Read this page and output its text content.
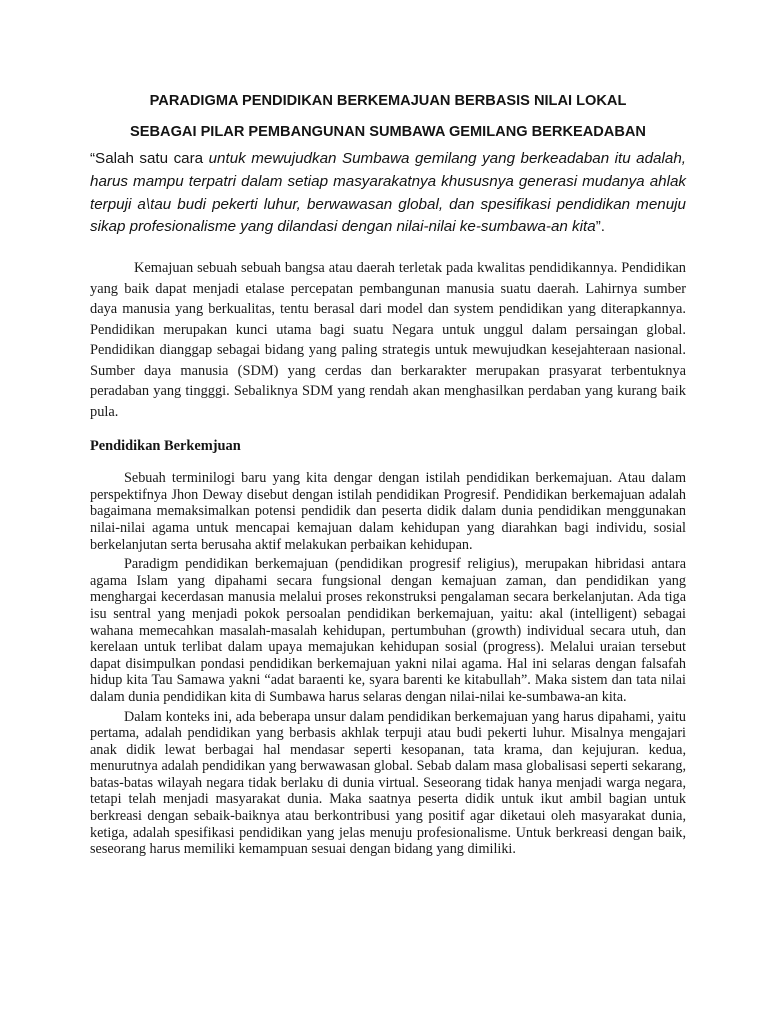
PARADIGMA PENDIDIKAN BERKEMAJUAN BERBASIS NILAI LOKAL
SEBAGAI PILAR PEMBANGUNAN SUMBAWA GEMILANG BERKEADABAN

“Salah satu cara untuk mewujudkan Sumbawa gemilang yang berkeadaban itu adalah, harus mampu terpatri dalam setiap masyarakatnya khususnya generasi mudanya ahlak terpuji a\tau budi pekerti luhur, berwawasan global, dan spesifikasi pendidikan menuju sikap profesionalisme yang dilandasi dengan nilai-nilai ke-sumbawa-an kita”.

Kemajuan sebuah sebuah bangsa atau daerah terletak pada kwalitas pendidikannya. Pendidikan yang baik dapat menjadi etalase percepatan pembangunan manusia suatu daerah. Lahirnya sumber daya manusia yang berkualitas, tentu berasal dari model dan system pendidikan yang diterapkannya. Pendidikan merupakan kunci utama bagi suatu Negara untuk unggul dalam persaingan global. Pendidikan dianggap sebagai bidang yang paling strategis untuk mewujudkan kesejahteraan nasional. Sumber daya manusia (SDM) yang cerdas dan berkarakter merupakan prasyarat terbentuknya peradaban yang tingggi. Sebaliknya SDM yang rendah akan menghasilkan perdaban yang kurang baik pula.

Pendidikan Berkemjuan

Sebuah terminilogi baru yang kita dengar dengan istilah pendidikan berkemajuan. Atau dalam perspektifnya Jhon Deway disebut dengan istilah pendidikan Progresif. Pendidikan berkemajuan adalah bagaimana memaksimalkan potensi pendidik dan peserta didik dalam dunia pendidikan menggunakan nilai-nilai agama untuk mencapai kemajuan dalam kehidupan yang diarahkan bagi individu, sosial berkelanjutan serta berusaha aktif melakukan perbaikan kehidupan.

Paradigm pendidikan berkemajuan (pendidikan progresif religius), merupakan hibridasi antara agama Islam yang dipahami secara fungsional dengan kemajuan zaman, dan pendidikan yang menghargai kecerdasan manusia melalui proses rekonstruksi pengalaman secara berkelanjutan. Ada tiga isu sentral yang menjadi pokok persoalan pendidikan berkemajuan, yaitu: akal (intelligent) sebagai wahana memecahkan masalah-masalah kehidupan, pertumbuhan (growth) individual secara utuh, dan kerelaan untuk terlibat dalam upaya memajukan kehidupan sosial (progress). Melalui uraian tersebut dapat disimpulkan pondasi pendidikan berkemajuan yakni nilai agama. Hal ini selaras dengan falsafah hidup kita Tau Samawa yakni “adat baraenti ke, syara barenti ke kitabullah”. Maka sistem dan tata nilai dalam dunia pendidikan kita di Sumbawa harus selaras dengan nilai-nilai ke-sumbawa-an kita.

Dalam konteks ini, ada beberapa unsur dalam pendidikan berkemajuan yang harus dipahami, yaitu pertama, adalah pendidikan yang berbasis akhlak terpuji atau budi pekerti luhur. Misalnya mengajari anak didik lewat berbagai hal mendasar seperti kesopanan, tata krama, dan kejujuran. kedua, menurutnya adalah pendidikan yang berwawasan global. Sebab dalam masa globalisasi seperti sekarang, batas-batas wilayah negara tidak berlaku di dunia virtual. Seseorang tidak hanya menjadi warga negara, tetapi telah menjadi masyarakat dunia. Maka saatnya peserta didik untuk ikut ambil bagian untuk berkreasi dengan sebaik-baiknya atau berkontribusi yang positif agar diketaui oleh masyarakat dunia, ketiga, adalah spesifikasi pendidikan yang jelas menuju profesionalisme. Untuk berkreasi dengan baik, seseorang harus memiliki kemampuan sesuai dengan bidang yang dimiliki.
